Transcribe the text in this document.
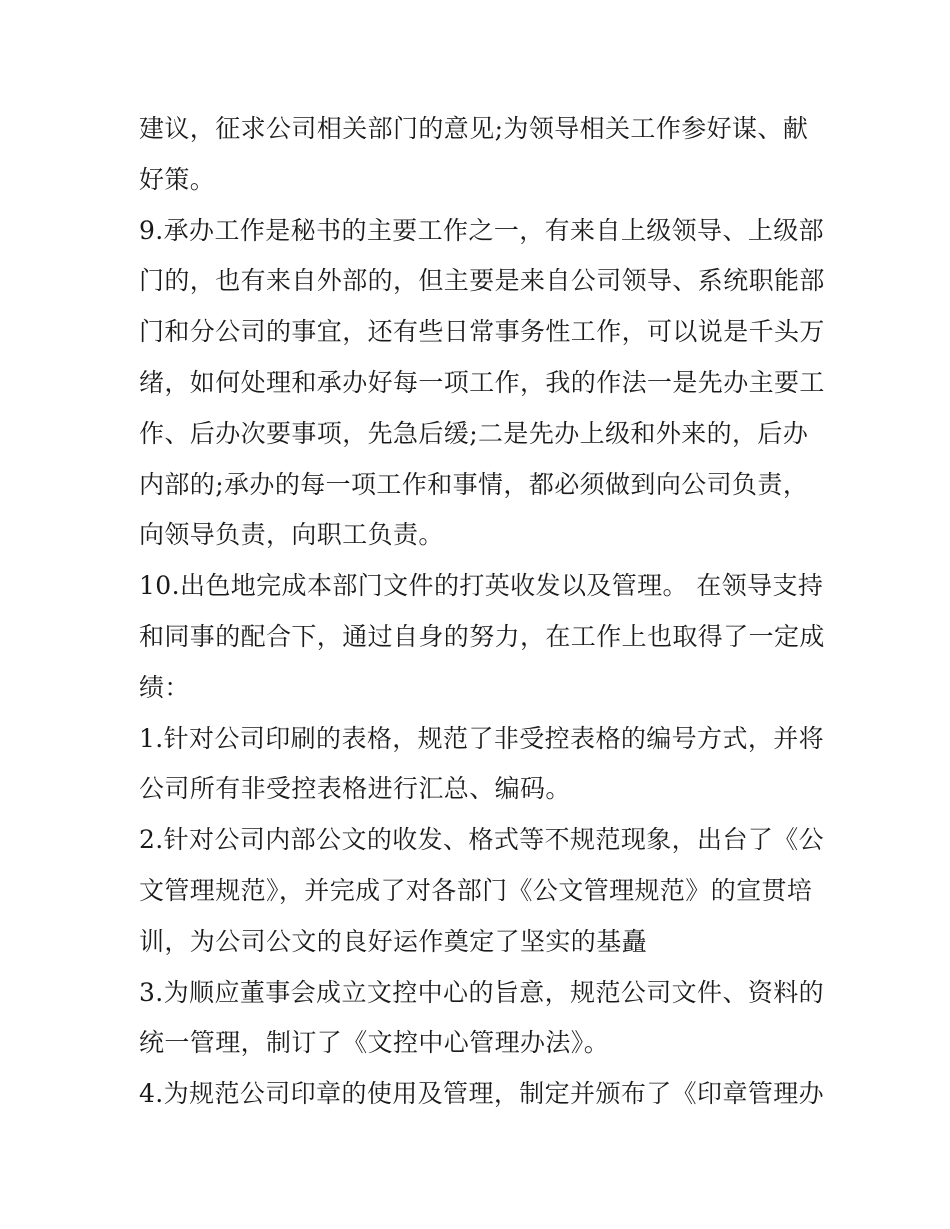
建议，征求公司相关部门的意见;为领导相关工作参好谋、献
好策。
9.承办工作是秘书的主要工作之一，有来自上级领导、上级部
门的，也有来自外部的，但主要是来自公司领导、系统职能部
门和分公司的事宜，还有些日常事务性工作，可以说是千头万
绪，如何处理和承办好每一项工作，我的作法一是先办主要工
作、后办次要事项，先急后缓;二是先办上级和外来的，后办
内部的;承办的每一项工作和事情，都必须做到向公司负责，
向领导负责，向职工负责。
10.出色地完成本部门文件的打英收发以及管理。 在领导支持
和同事的配合下，通过自身的努力，在工作上也取得了一定成
绩：
1.针对公司印刷的表格，规范了非受控表格的编号方式，并将
公司所有非受控表格进行汇总、编码。
2.针对公司内部公文的收发、格式等不规范现象，出台了《公
文管理规范》，并完成了对各部门《公文管理规范》的宣贯培
训，为公司公文的良好运作奠定了坚实的基矗
3.为顺应董事会成立文控中心的旨意，规范公司文件、资料的
统一管理，制订了《文控中心管理办法》。
4.为规范公司印章的使用及管理，制定并颁布了《印章管理办
